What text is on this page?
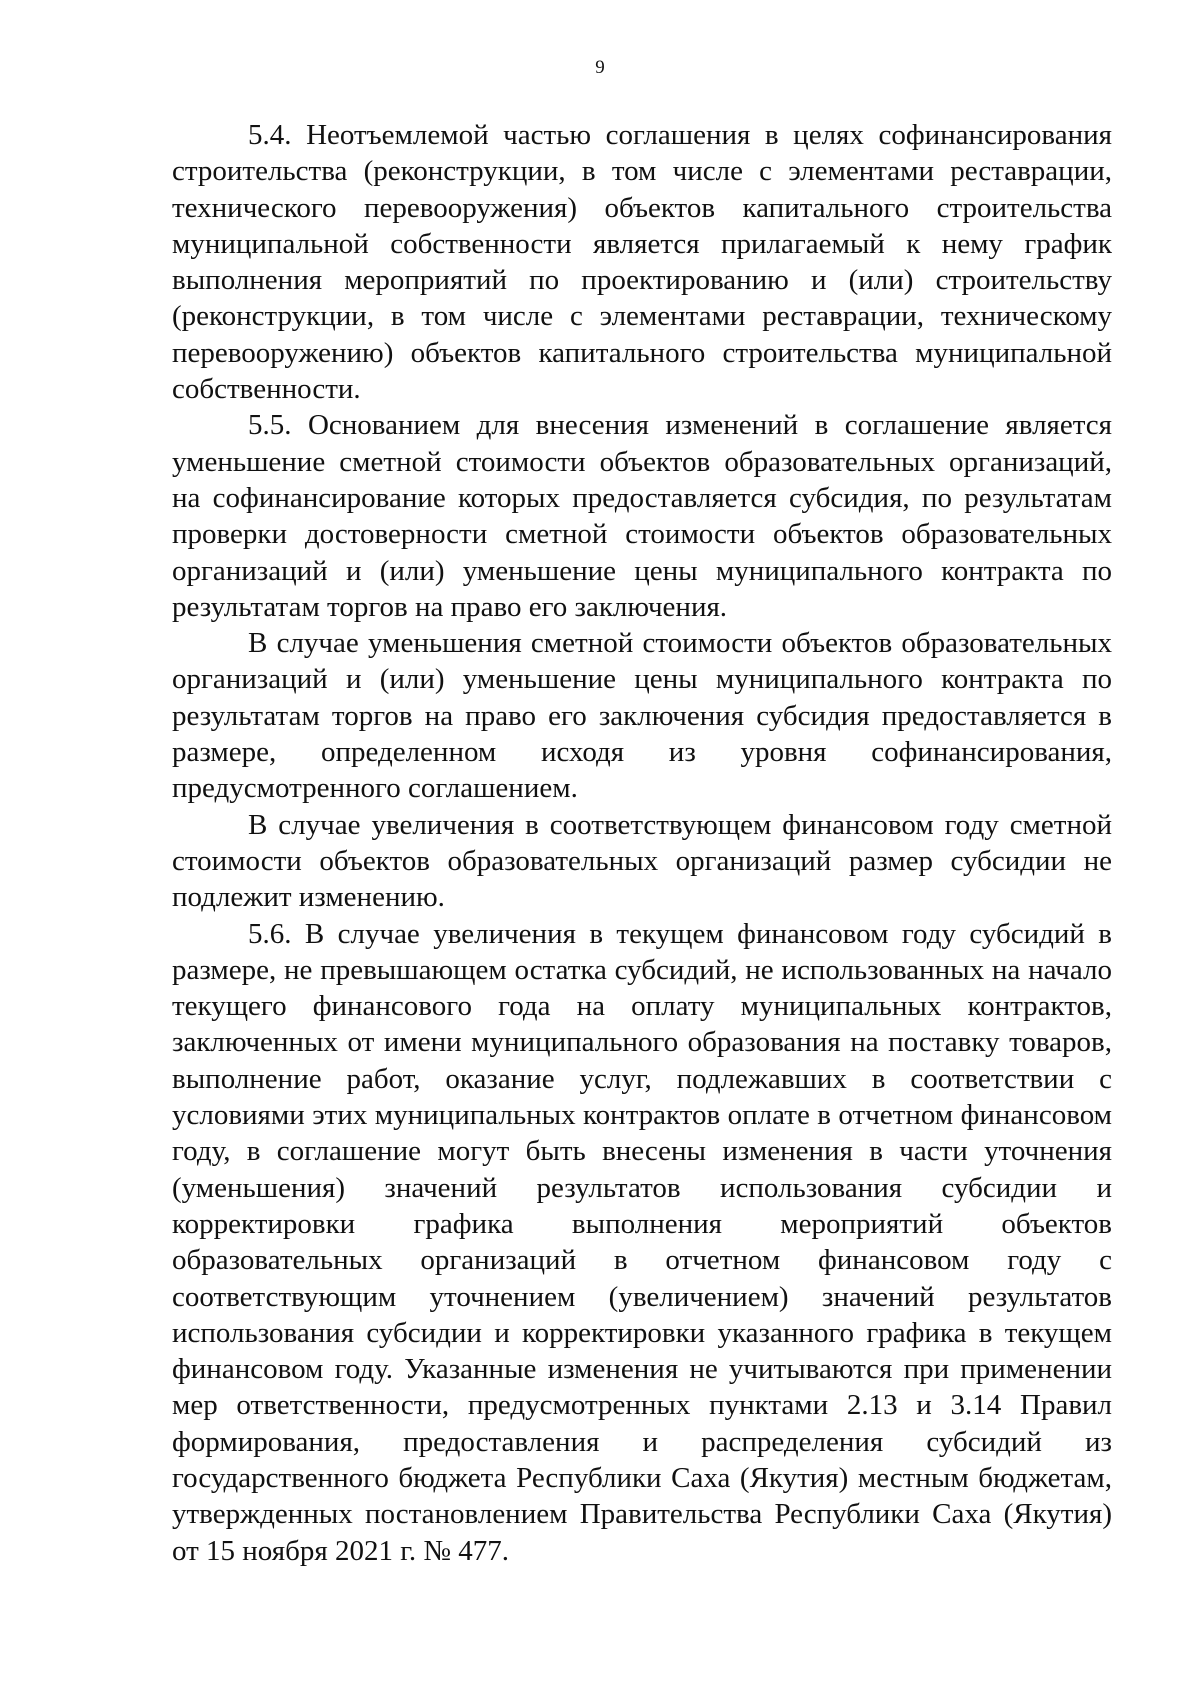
9

5.4. Неотъемлемой частью соглашения в целях софинансирования строительства (реконструкции, в том числе с элементами реставрации, технического перевооружения) объектов капитального строительства муниципальной собственности является прилагаемый к нему график выполнения мероприятий по проектированию и (или) строительству (реконструкции, в том числе с элементами реставрации, техническому перевооружению) объектов капитального строительства муниципальной собственности.

5.5. Основанием для внесения изменений в соглашение является уменьшение сметной стоимости объектов образовательных организаций, на софинансирование которых предоставляется субсидия, по результатам проверки достоверности сметной стоимости объектов образовательных организаций и (или) уменьшение цены муниципального контракта по результатам торгов на право его заключения.

В случае уменьшения сметной стоимости объектов образовательных организаций и (или) уменьшение цены муниципального контракта по результатам торгов на право его заключения субсидия предоставляется в размере, определенном исходя из уровня софинансирования, предусмотренного соглашением.

В случае увеличения в соответствующем финансовом году сметной стоимости объектов образовательных организаций размер субсидии не подлежит изменению.

5.6. В случае увеличения в текущем финансовом году субсидий в размере, не превышающем остатка субсидий, не использованных на начало текущего финансового года на оплату муниципальных контрактов, заключенных от имени муниципального образования на поставку товаров, выполнение работ, оказание услуг, подлежавших в соответствии с условиями этих муниципальных контрактов оплате в отчетном финансовом году, в соглашение могут быть внесены изменения в части уточнения (уменьшения) значений результатов использования субсидии и корректировки графика выполнения мероприятий объектов образовательных организаций в отчетном финансовом году с соответствующим уточнением (увеличением) значений результатов использования субсидии и корректировки указанного графика в текущем финансовом году. Указанные изменения не учитываются при применении мер ответственности, предусмотренных пунктами 2.13 и 3.14 Правил формирования, предоставления и распределения субсидий из государственного бюджета Республики Саха (Якутия) местным бюджетам, утвержденных постановлением Правительства Республики Саха (Якутия) от 15 ноября 2021 г. № 477.
